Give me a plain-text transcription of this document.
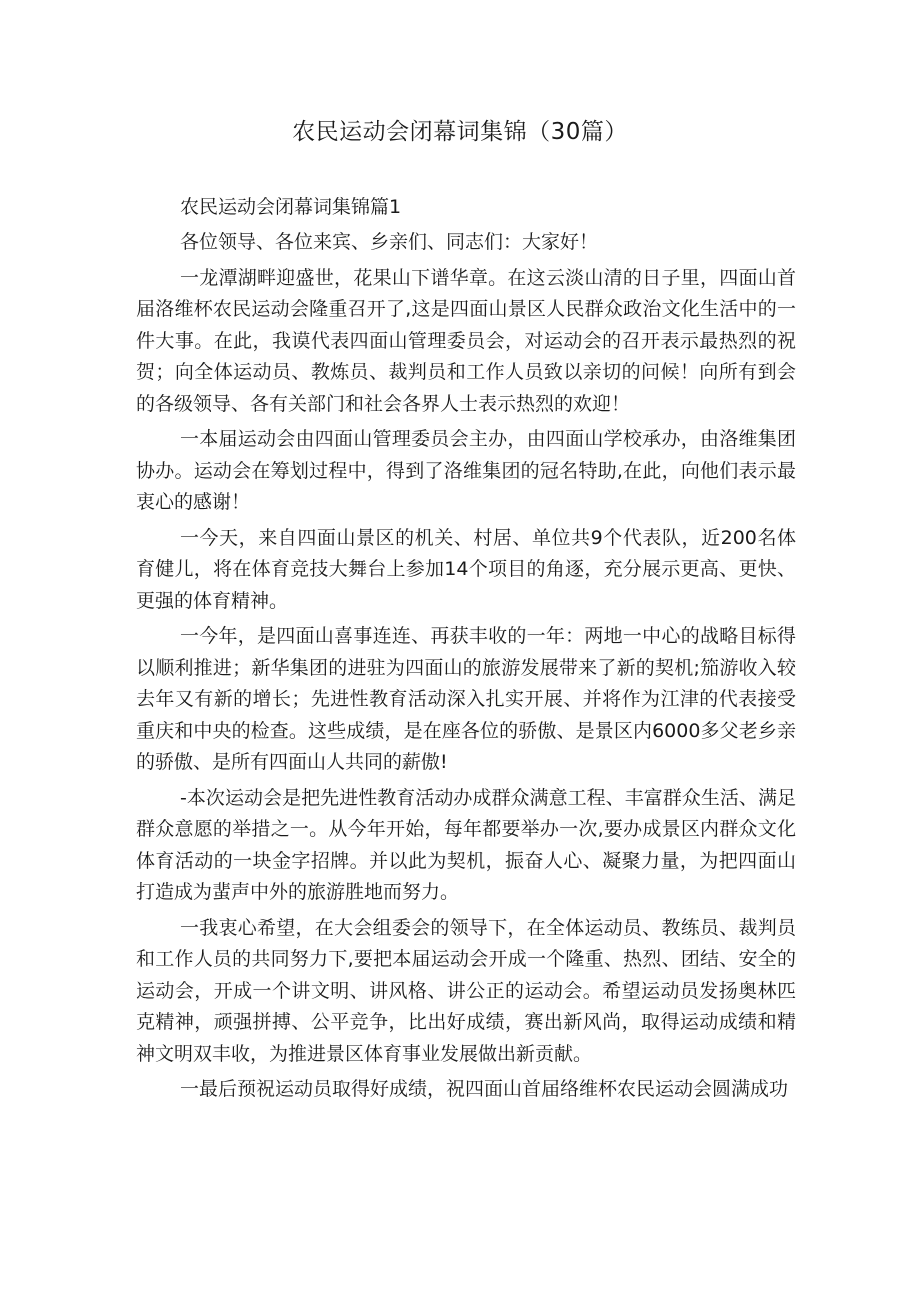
农民运动会闭幕词集锦（30篇）

农民运动会闭幕词集锦篇1

各位领导、各位来宾、乡亲们、同志们：大家好！

一龙潭湖畔迎盛世，花果山下谱华章。在这云淡山清的日子里，四面山首届洛维杯农民运动会隆重召开了,这是四面山景区人民群众政治文化生活中的一件大事。在此，我谟代表四面山管理委员会，对运动会的召开表示最热烈的祝贺；向全体运动员、教炼员、裁判员和工作人员致以亲切的问候！向所有到会的各级领导、各有关部门和社会各界人士表示热烈的欢迎！

一本届运动会由四面山管理委员会主办，由四面山学校承办，由洛维集团协办。运动会在筹划过程中，得到了洛维集团的冠名特助,在此，向他们表示最衷心的感谢！

一今天，来自四面山景区的机关、村居、单位共9个代表队，近200名体育健儿，将在体育竞技大舞台上参加14个项目的角逐，充分展示更高、更快、更强的体育精神。

一今年，是四面山喜事连连、再获丰收的一年：两地一中心的战略目标得以顺利推进；新华集团的进驻为四面山的旅游发展带来了新的契机;笳游收入较去年又有新的增长；先进性教育活动深入扎实开展、并将作为江津的代表接受重庆和中央的检查。这些成绩，是在座各位的骄傲、是景区内6000多父老乡亲的骄傲、是所有四面山人共同的薪傲!

-本次运动会是把先进性教育活动办成群众满意工程、丰富群众生活、满足群众意愿的举措之一。从今年开始，每年都要举办一次,要办成景区内群众文化体育活动的一块金字招牌。并以此为契机，振奋人心、凝聚力量，为把四面山打造成为蜚声中外的旅游胜地而努力。

一我衷心希望，在大会组委会的领导下，在全体运动员、教练员、裁判员和工作人员的共同努力下,要把本届运动会开成一个隆重、热烈、团结、安全的运动会，开成一个讲文明、讲风格、讲公正的运动会。希望运动员发扬奥林匹克精神，顽强拼搏、公平竞争，比出好成绩，赛出新风尚，取得运动成绩和精神文明双丰收，为推进景区体育事业发展做出新贡献。

一最后预祝运动员取得好成绩，祝四面山首届络维杯农民运动会圆满成功
